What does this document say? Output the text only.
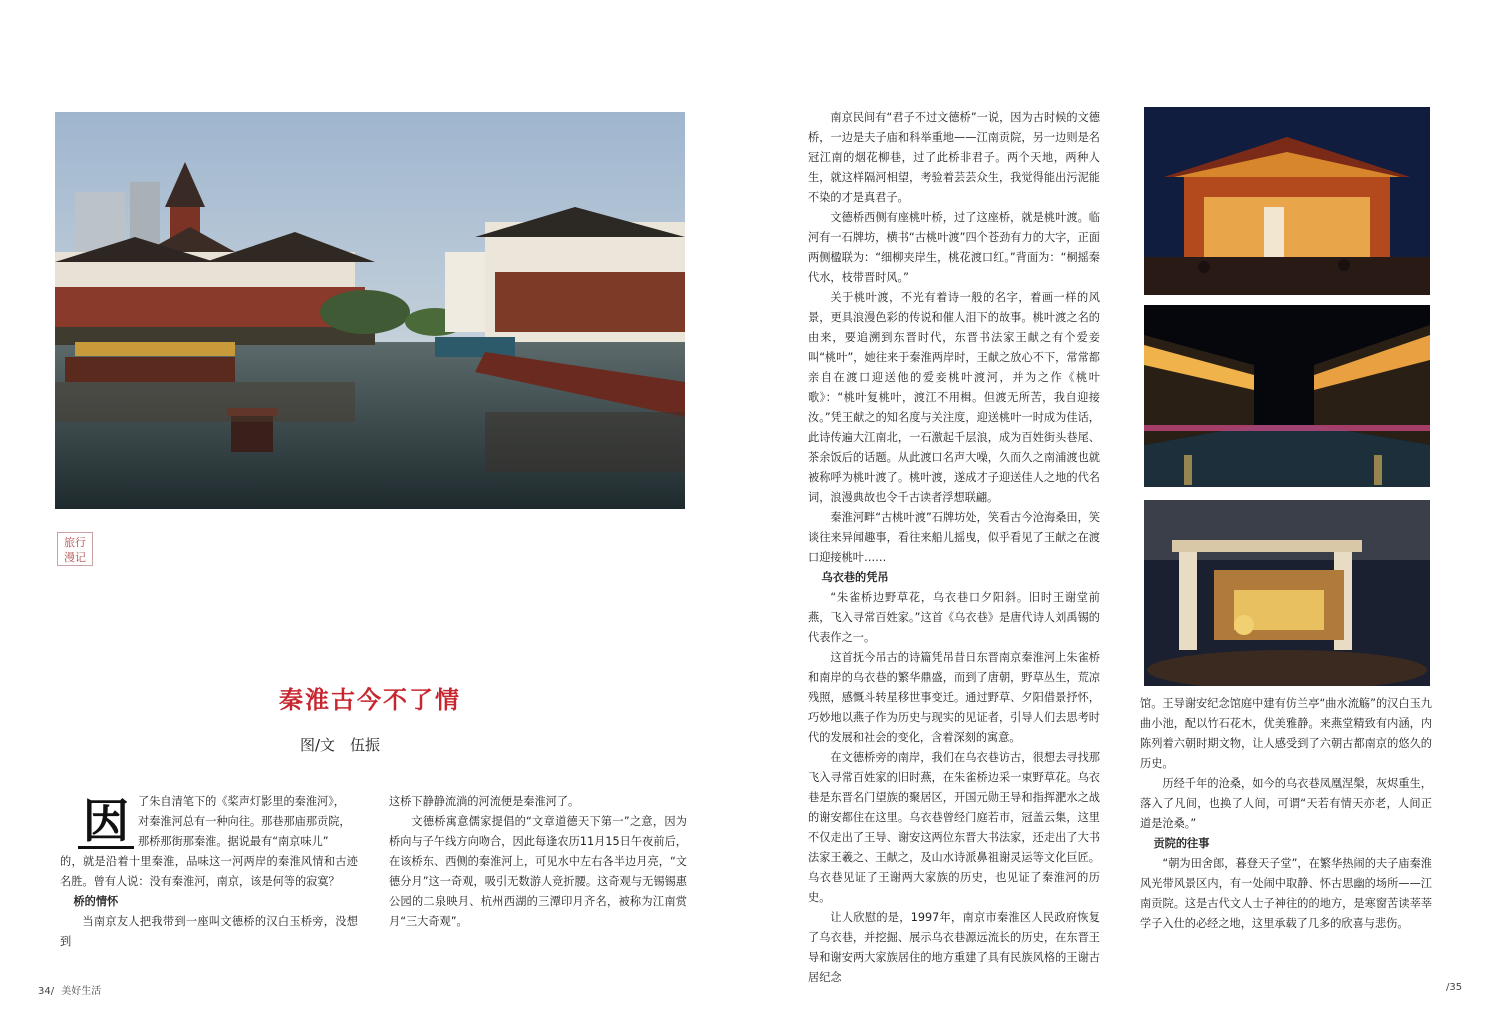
旅行
漫记
秦淮古今不了情
图/文　伍振
因 了朱自清笔下的《桨声灯影里的秦淮河》，

对秦淮河总有一种向往。那巷那庙那贡院，

那桥那街那秦淮。据说最有“南京味儿”

的，就是沿着十里秦淮，品味这一河两岸的秦淮风情和古迹名胜。曾有人说：没有秦淮河，南京，该是何等的寂寞？

桥的情怀

当南京友人把我带到一座叫文德桥的汉白玉桥旁，没想到

这桥下静静流淌的河流便是秦淮河了。

文德桥寓意儒家提倡的“文章道德天下第一”之意，因为桥向与子午线方向吻合，因此每逢农历11月15日午夜前后，在该桥东、西侧的秦淮河上，可见水中左右各半边月亮，“文德分月”这一奇观，吸引无数游人竞折腰。这奇观与无锡锡惠公园的二泉映月、杭州西湖的三潭印月齐名，被称为江南赏月“三大奇观”。

南京民间有“君子不过文德桥”一说，因为古时候的文德桥，一边是夫子庙和科举重地——江南贡院，另一边则是名冠江南的烟花柳巷，过了此桥非君子。两个天地，两种人生，就这样隔河相望，考验着芸芸众生，我觉得能出污泥能不染的才是真君子。

文德桥西侧有座桃叶桥，过了这座桥，就是桃叶渡。临河有一石牌坊，横书“古桃叶渡”四个苍劲有力的大字，正面两侧楹联为：“细柳夹岸生，桃花渡口红。”背面为：“桐摇秦代水，枝带晋时风。”

关于桃叶渡，不光有着诗一般的名字，着画一样的风景，更具浪漫色彩的传说和催人泪下的故事。桃叶渡之名的由来，要追溯到东晋时代，东晋书法家王献之有个爱妾叫“桃叶”，她往来于秦淮两岸时，王献之放心不下，常常都亲自在渡口迎送他的爱妾桃叶渡河，并为之作《桃叶歌》：“桃叶复桃叶，渡江不用楫。但渡无所苦，我自迎接汝。”凭王献之的知名度与关注度，迎送桃叶一时成为佳话，此诗传遍大江南北，一石激起千层浪，成为百姓街头巷尾、茶余饭后的话题。从此渡口名声大噪，久而久之南浦渡也就被称呼为桃叶渡了。桃叶渡，遂成才子迎送佳人之地的代名词，浪漫典故也令千古读者浮想联翩。

秦淮河畔“古桃叶渡”石牌坊处，笑看古今沧海桑田，笑谈往来异闻趣事，看往来船儿摇曳，似乎看见了王献之在渡口迎接桃叶……

乌衣巷的凭吊

“朱雀桥边野草花，乌衣巷口夕阳斜。旧时王谢堂前燕，飞入寻常百姓家。”这首《乌衣巷》是唐代诗人刘禹锡的代表作之一。

这首抚今吊古的诗篇凭吊昔日东晋南京秦淮河上朱雀桥和南岸的乌衣巷的繁华鼎盛，而到了唐朝，野草丛生，荒凉残照，感慨斗转星移世事变迁。通过野草、夕阳借景抒怀，巧妙地以燕子作为历史与现实的见证者，引导人们去思考时代的发展和社会的变化，含着深刻的寓意。

在文德桥旁的南岸，我们在乌衣巷访古，很想去寻找那飞入寻常百姓家的旧时燕，在朱雀桥边采一束野草花。乌衣巷是东晋名门望族的聚居区，开国元勋王导和指挥淝水之战的谢安都住在这里。乌衣巷曾经门庭若市，冠盖云集，这里不仅走出了王导、谢安这两位东晋大书法家，还走出了大书法家王羲之、王献之，及山水诗派鼻祖谢灵运等文化巨匠。乌衣巷见证了王谢两大家族的历史，也见证了秦淮河的历史。

让人欣慰的是，1997年，南京市秦淮区人民政府恢复了乌衣巷，并挖掘、展示乌衣巷源远流长的历史，在东晋王导和谢安两大家族居住的地方重建了具有民族风格的王谢古居纪念

馆。王导谢安纪念馆庭中建有仿兰亭“曲水流觞”的汉白玉九曲小池，配以竹石花木，优美雅静。来燕堂精致有内涵，内陈列着六朝时期文物，让人感受到了六朝古都南京的悠久的历史。

历经千年的沧桑，如今的乌衣巷凤凰涅槃，灰烬重生，落入了凡间，也换了人间，可谓“天若有情天亦老，人间正道是沧桑。”

贡院的往事

“朝为田舍郎，暮登天子堂”，在繁华热闹的夫子庙秦淮风光带风景区内，有一处闹中取静、怀古思幽的场所——江南贡院。这是古代文人士子神往的的地方，是寒窗苦读莘莘学子入仕的必经之地，这里承载了几多的欣喜与悲伤。

34/ 美好生活	/35
